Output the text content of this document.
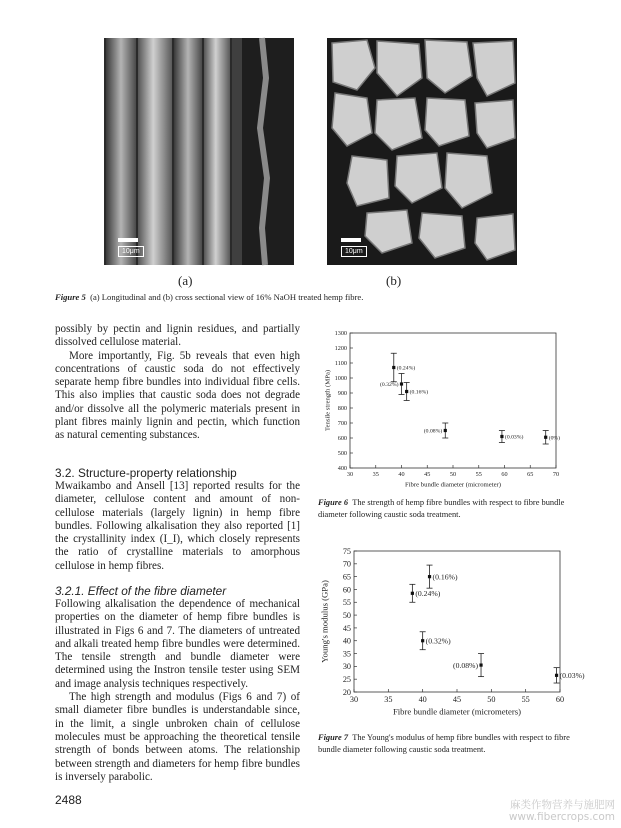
10μm	10μm
(a)	(b)
Figure 5 (a) Longitudinal and (b) cross sectional view of 16% NaOH treated hemp fibre.

possibly by pectin and lignin residues, and partially dissolved cellulose material.

More importantly, Fig. 5b reveals that even high concentrations of caustic soda do not effectively separate hemp fibre bundles into individual fibre cells. This also implies that caustic soda does not degrade and/or dissolve all the polymeric materials present in plant fibres mainly lignin and pectin, which function as natural cementing substances.

3.2. Structure-property relationship

Mwaikambo and Ansell [13] reported results for the diameter, cellulose content and amount of non-cellulose materials (largely lignin) in hemp fibre bundles. Following alkalisation they also reported [1] the crystallinity index (I_I), which closely represents the ratio of crystalline materials to amorphous cellulose in hemp fibres.

3.2.1. Effect of the fibre diameter

Following alkalisation the dependence of mechanical properties on the diameter of hemp fibre bundles is illustrated in Figs 6 and 7. The diameters of untreated and alkali treated hemp fibre bundles were determined. The tensile strength and bundle diameter were determined using the Instron tensile tester using SEM and image analysis techniques respectively.

The high strength and modulus (Figs 6 and 7) of small diameter fibre bundles is understandable since, in the limit, a single unbroken chain of cellulose molecules must be approaching the theoretical tensile strength of bonds between atoms. The relationship between strength and diameters for hemp fibre bundles is inversely parabolic.

2488
400
500
600
700
800
900
1000
1100
1200
1300
30	35	40	45	50	55	60	65	70
Fibre bundle diameter (micrometer)
Tensile strength (MPa)
(0.24%)
(0.32%)
(0.16%)
(0.08%)
(0.03%)	(0%)
Figure 6 The strength of hemp fibre bundles with respect to fibre bundle diameter following caustic soda treatment.
20
25
30
35
40
45
50
55
60
65
70
75
30	35	40	45	50	55	60
Fibre bundle diameter (micrometers)
Young's modulus (GPa)	(0.24%)
(0.16%)
(0.32%)
(0.08%)
(0.03%)
Figure 7 The Young's modulus of hemp fibre bundles with respect to fibre bundle diameter following caustic soda treatment.
麻类作物营养与施肥网
www.fibercrops.com
